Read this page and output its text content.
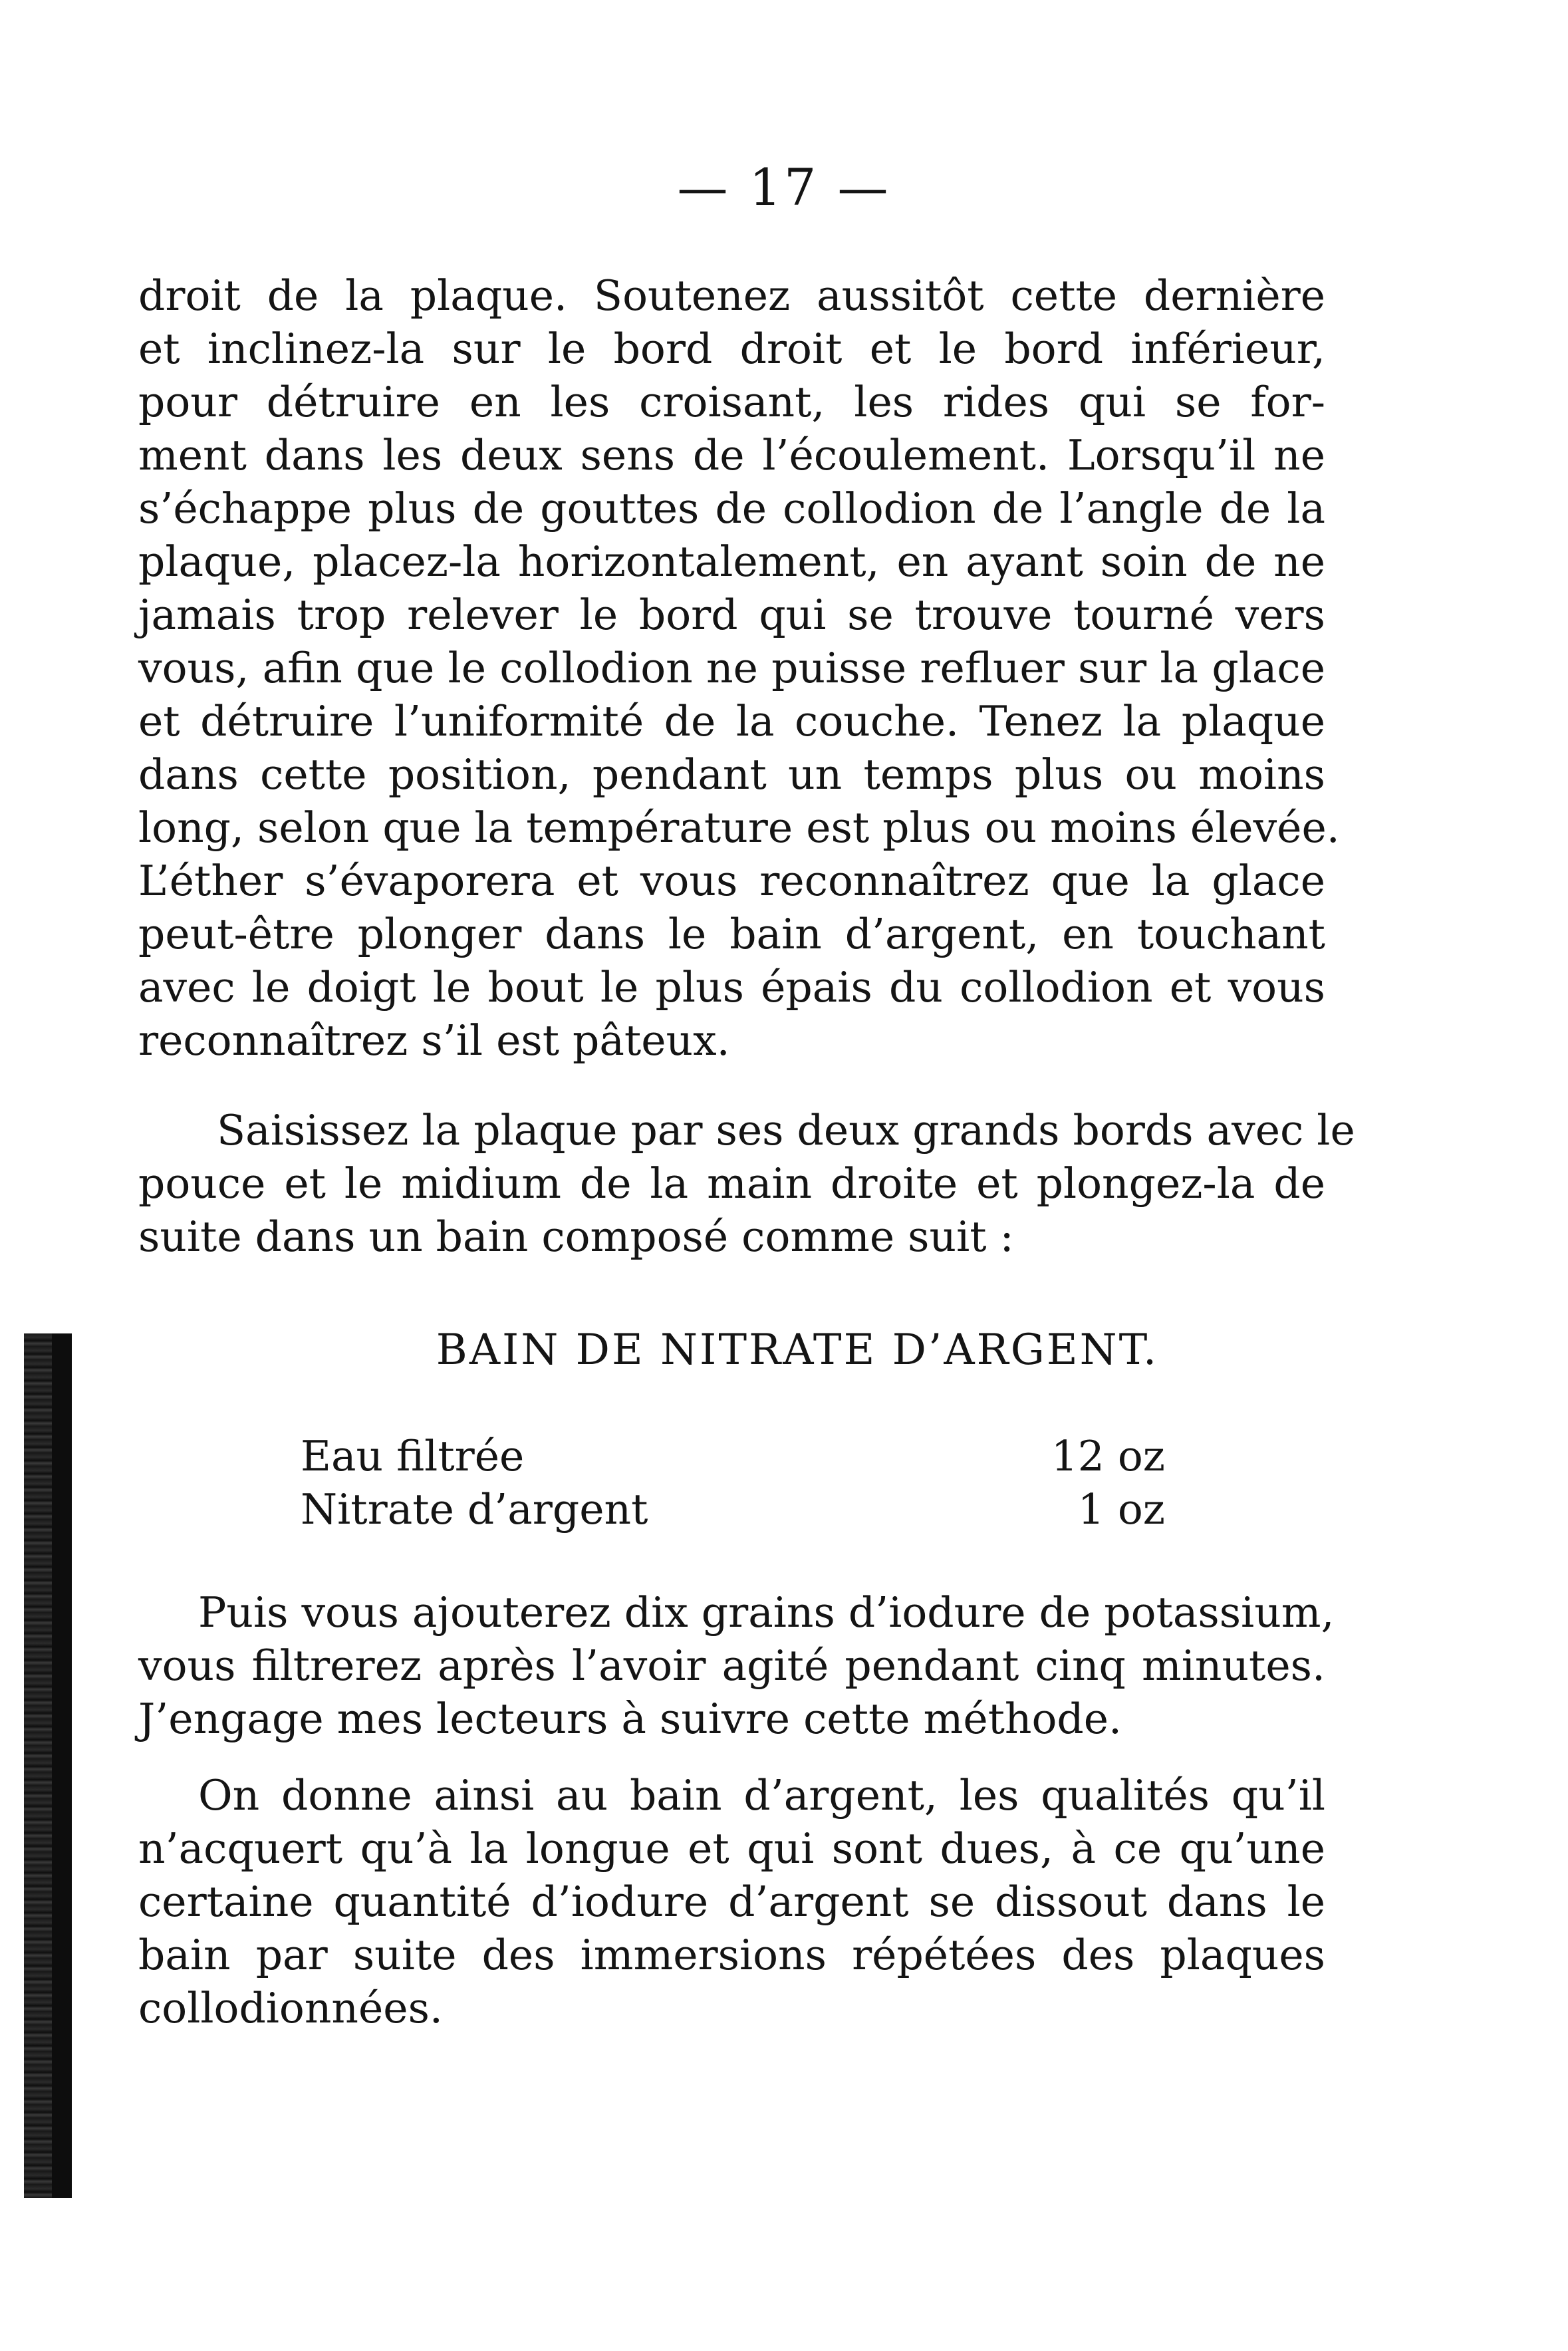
— 17 —
droit de la plaque. Soutenez aussitôt cette dernière
et inclinez-la sur le bord droit et le bord inférieur,
pour détruire en les croisant, les rides qui se for-
ment dans les deux sens de l’écoulement. Lorsqu’il ne
s’échappe plus de gouttes de collodion de l’angle de la
plaque, placez-la horizontalement, en ayant soin de ne
jamais trop relever le bord qui se trouve tourné vers
vous, afin que le collodion ne puisse refluer sur la glace
et détruire l’uniformité de la couche. Tenez la plaque
dans cette position, pendant un temps plus ou moins
long, selon que la température est plus ou moins élevée.
L’éther s’évaporera et vous reconnaîtrez que la glace
peut-être plonger dans le bain d’argent, en touchant
avec le doigt le bout le plus épais du collodion et vous
reconnaîtrez s’il est pâteux.
Saisissez la plaque par ses deux grands bords avec le
pouce et le midium de la main droite et plongez-la de
suite dans un bain composé comme suit :
BAIN DE NITRATE D’ARGENT.
Eau filtrée	12 oz
Nitrate d’argent	1 oz
Puis vous ajouterez dix grains d’iodure de potassium,
vous filtrerez après l’avoir agité pendant cinq minutes.
J’engage mes lecteurs à suivre cette méthode.
On donne ainsi au bain d’argent, les qualités qu’il
n’acquert qu’à la longue et qui sont dues, à ce qu’une
certaine quantité d’iodure d’argent se dissout dans le
bain par suite des immersions répétées des plaques
collodionnées.
